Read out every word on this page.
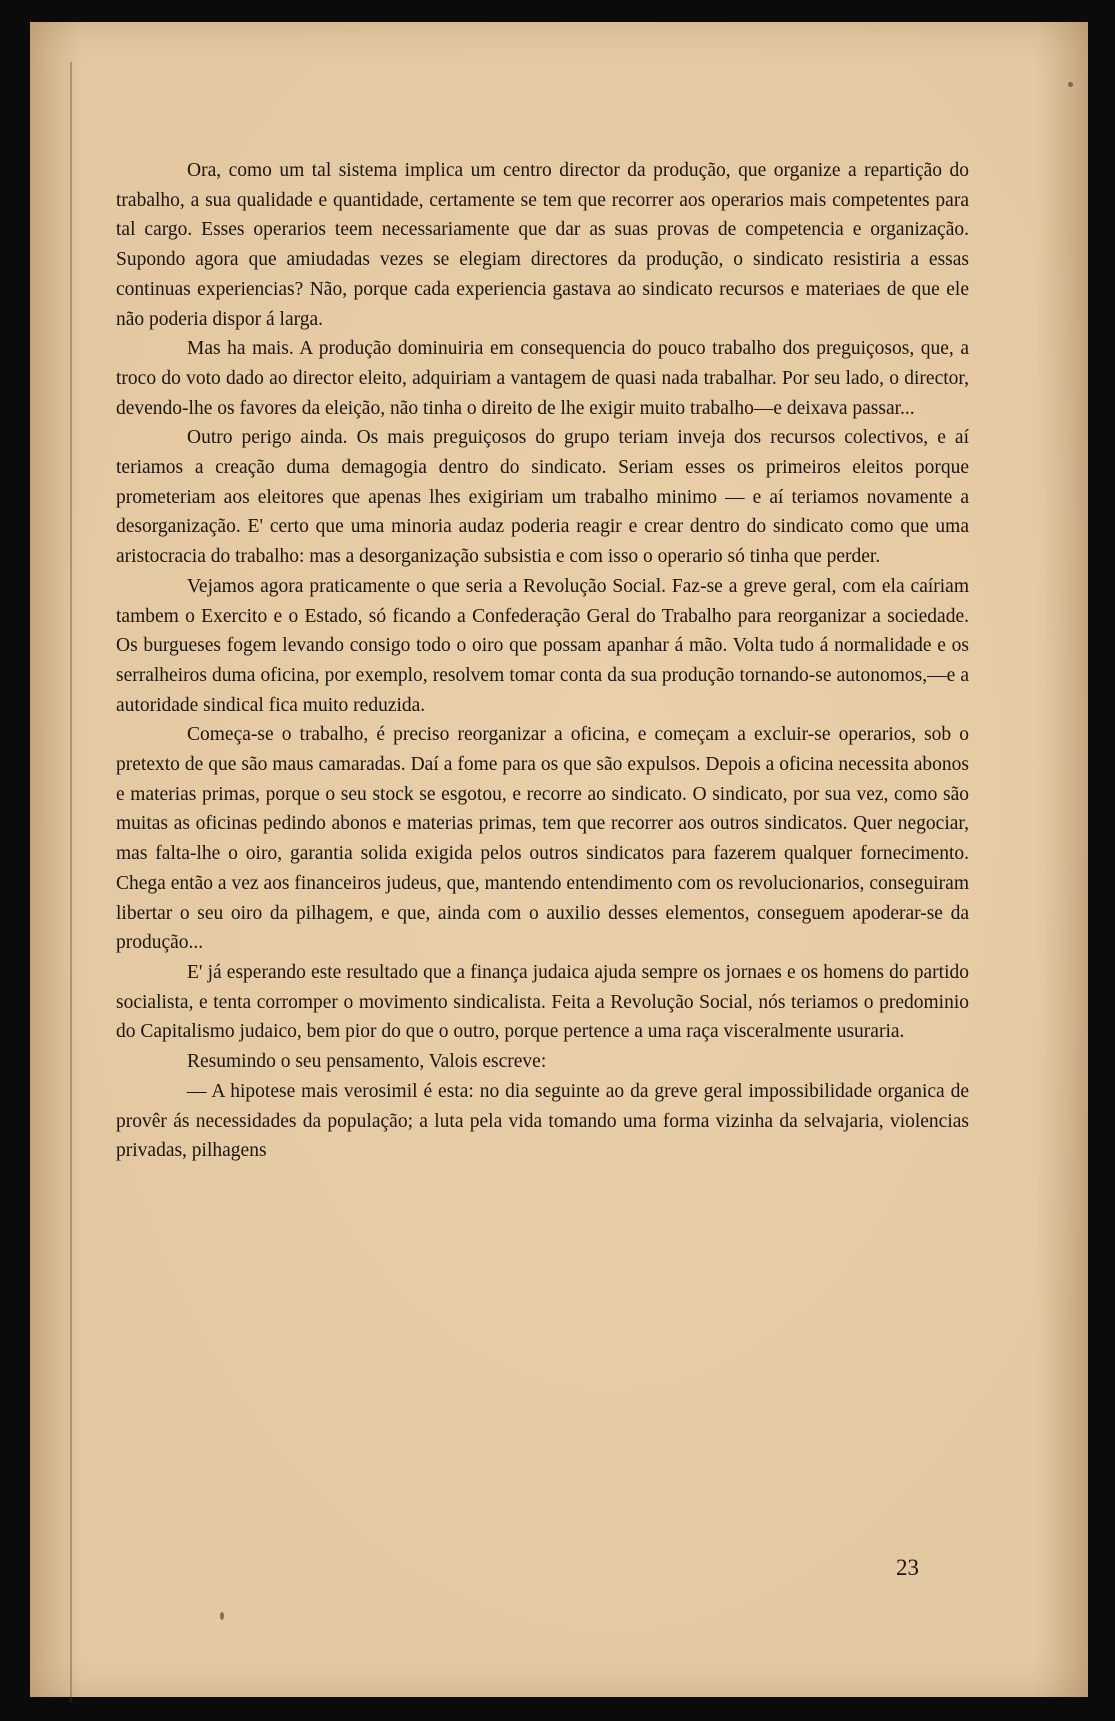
Ora, como um tal sistema implica um centro director da produção, que organize a repartição do trabalho, a sua qualidade e quantidade, certamente se tem que recorrer aos operarios mais competentes para tal cargo. Esses operarios teem necessariamente que dar as suas provas de competencia e organização. Supondo agora que amiudadas vezes se elegiam directores da produção, o sindicato resistiria a essas continuas experiencias? Não, porque cada experiencia gastava ao sindicato recursos e materiaes de que ele não poderia dispor á larga.

Mas ha mais. A produção dominuiria em consequencia do pouco trabalho dos preguiçosos, que, a troco do voto dado ao director eleito, adquiriam a vantagem de quasi nada trabalhar. Por seu lado, o director, devendo-lhe os favores da eleição, não tinha o direito de lhe exigir muito trabalho—e deixava passar...

Outro perigo ainda. Os mais preguiçosos do grupo teriam inveja dos recursos colectivos, e aí teriamos a creação duma demagogia dentro do sindicato. Seriam esses os primeiros eleitos porque prometeriam aos eleitores que apenas lhes exigiriam um trabalho minimo — e aí teriamos novamente a desorganização. E' certo que uma minoria audaz poderia reagir e crear dentro do sindicato como que uma aristocracia do trabalho: mas a desorganização subsistia e com isso o operario só tinha que perder.

Vejamos agora praticamente o que seria a Revolução Social. Faz-se a greve geral, com ela caíriam tambem o Exercito e o Estado, só ficando a Confederação Geral do Trabalho para reorganizar a sociedade. Os burgueses fogem levando consigo todo o oiro que possam apanhar á mão. Volta tudo á normalidade e os serralheiros duma oficina, por exemplo, resolvem tomar conta da sua produção tornando-se autonomos,—e a autoridade sindical fica muito reduzida.

Começa-se o trabalho, é preciso reorganizar a oficina, e começam a excluir-se operarios, sob o pretexto de que são maus camaradas. Daí a fome para os que são expulsos. Depois a oficina necessita abonos e materias primas, porque o seu stock se esgotou, e recorre ao sindicato. O sindicato, por sua vez, como são muitas as oficinas pedindo abonos e materias primas, tem que recorrer aos outros sindicatos. Quer negociar, mas falta-lhe o oiro, garantia solida exigida pelos outros sindicatos para fazerem qualquer fornecimento. Chega então a vez aos financeiros judeus, que, mantendo entendimento com os revolucionarios, conseguiram libertar o seu oiro da pilhagem, e que, ainda com o auxilio desses elementos, conseguem apoderar-se da produção...

E' já esperando este resultado que a finança judaica ajuda sempre os jornaes e os homens do partido socialista, e tenta corromper o movimento sindicalista. Feita a Revolução Social, nós teriamos o predominio do Capitalismo judaico, bem pior do que o outro, porque pertence a uma raça visceralmente usuraria.

Resumindo o seu pensamento, Valois escreve:

— A hipotese mais verosimil é esta: no dia seguinte ao da greve geral impossibilidade organica de provêr ás necessidades da população; a luta pela vida tomando uma forma vizinha da selvajaria, violencias privadas, pilhagens

23
